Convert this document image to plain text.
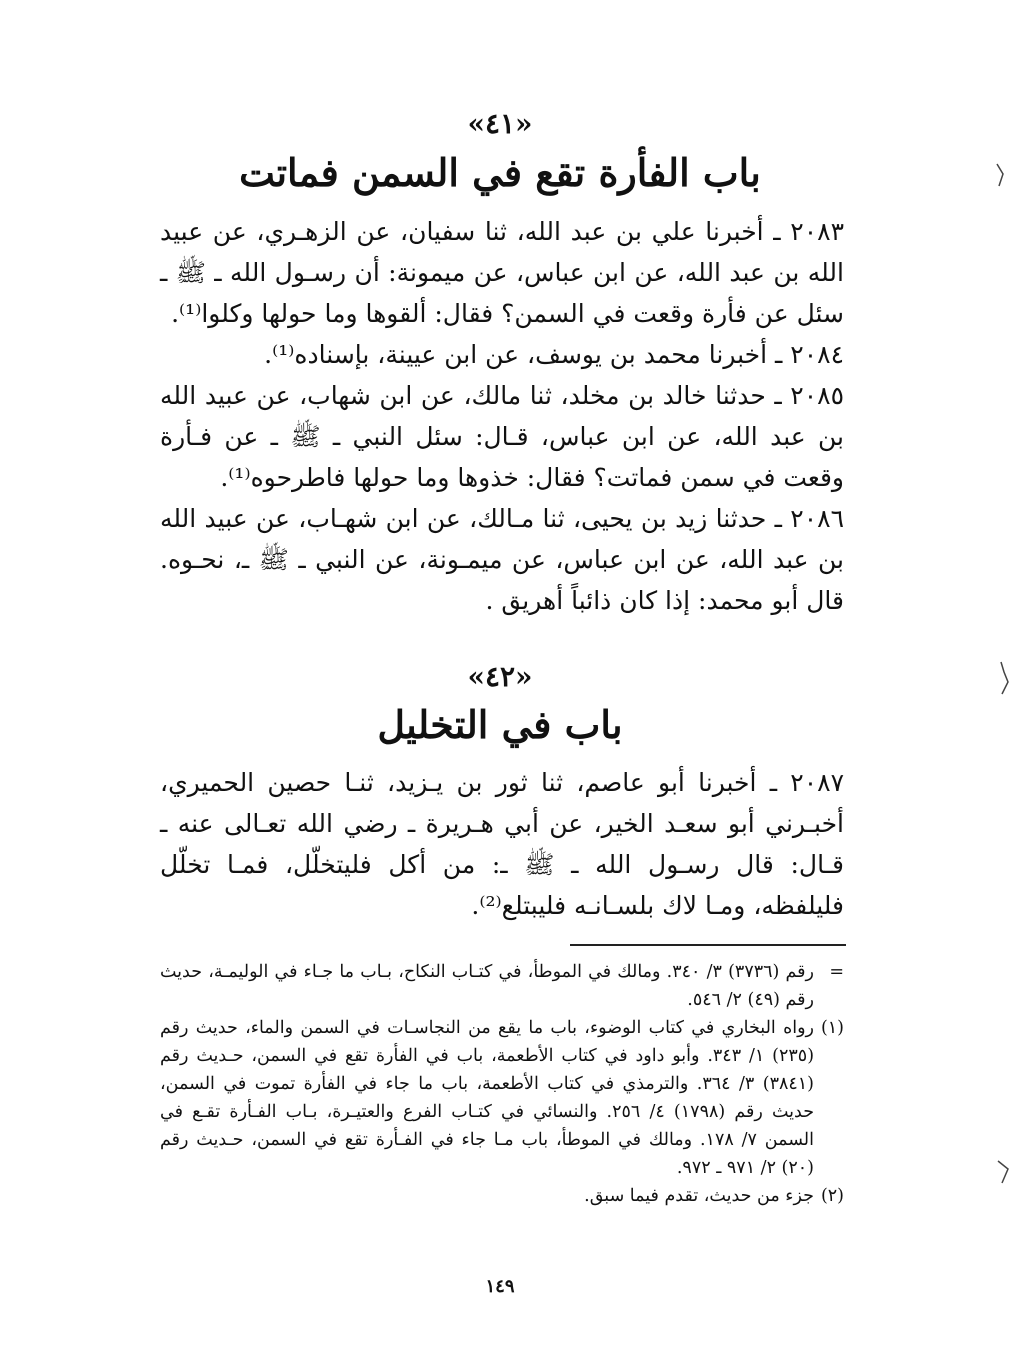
«٤١»
باب الفأرة تقع في السمن فماتت

٢٠٨٣ ـ أخبرنا علي بن عبد الله، ثنا سفيان، عن الزهـري، عن عبيد الله بن عبد الله، عن ابن عباس، عن ميمونة: أن رسـول الله ـ ﷺ ـ سئل عن فأرة وقعت في السمن؟ فقال: ألقوها وما حولها وكلوا⁽¹⁾.

٢٠٨٤ ـ أخبرنا محمد بن يوسف، عن ابن عيينة، بإسناده⁽¹⁾.

٢٠٨٥ ـ حدثنا خالد بن مخلد، ثنا مالك، عن ابن شهاب، عن عبيد الله بن عبد الله، عن ابن عباس، قـال: سئل النبي ـ ﷺ ـ عن فـأرة وقعت في سمن فماتت؟ فقال: خذوها وما حولها فاطرحوه⁽¹⁾.

٢٠٨٦ ـ حدثنا زيد بن يحيى، ثنا مـالك، عن ابن شهـاب، عن عبيد الله بن عبد الله، عن ابن عباس، عن ميمـونة، عن النبي ـ ﷺ ـ، نحـوه. قال أبو محمد: إذا كان ذائباً أهريق .

«٤٢»
باب في التخليل

٢٠٨٧ ـ أخبرنا أبو عاصم، ثنا ثور بن يـزيد، ثنـا حصين الحميري، أخبـرني أبو سعـد الخير، عن أبي هـريرة ـ رضي الله تعـالى عنه ـ قـال: قال رسـول الله ـ ﷺ ـ: من أكل فليتخلّل، فمـا تخلّل فليلفظه، ومـا لاك بلسـانـه فليبتلع⁽²⁾.

=
رقم (٣٧٣٦) ٣/ ٣٤٠. ومالك في الموطأ، في كتـاب النكاح، بـاب ما جـاء في الوليمـة، حديث رقم (٤٩) ٢/ ٥٤٦.
(١)
رواه البخاري في كتاب الوضوء، باب ما يقع من النجاسـات في السمن والماء، حديث رقم (٢٣٥) ١/ ٣٤٣. وأبو داود في كتاب الأطعمة، باب في الفأرة تقع في السمن، حـديث رقم (٣٨٤١) ٣/ ٣٦٤. والترمذي في كتاب الأطعمة، باب ما جاء في الفأرة تموت في السمن، حديث رقم (١٧٩٨) ٤/ ٢٥٦. والنسائي في كتـاب الفرع والعتيـرة، بـاب الفـأرة تقـع في السمن ٧/ ١٧٨. ومالك في الموطأ، باب مـا جاء في الفـأرة تقع في السمن، حـديث رقم (٢٠) ٢/ ٩٧١ ـ ٩٧٢.
(٢)
جزء من حديث، تقدم فيما سبق.
١٤٩
